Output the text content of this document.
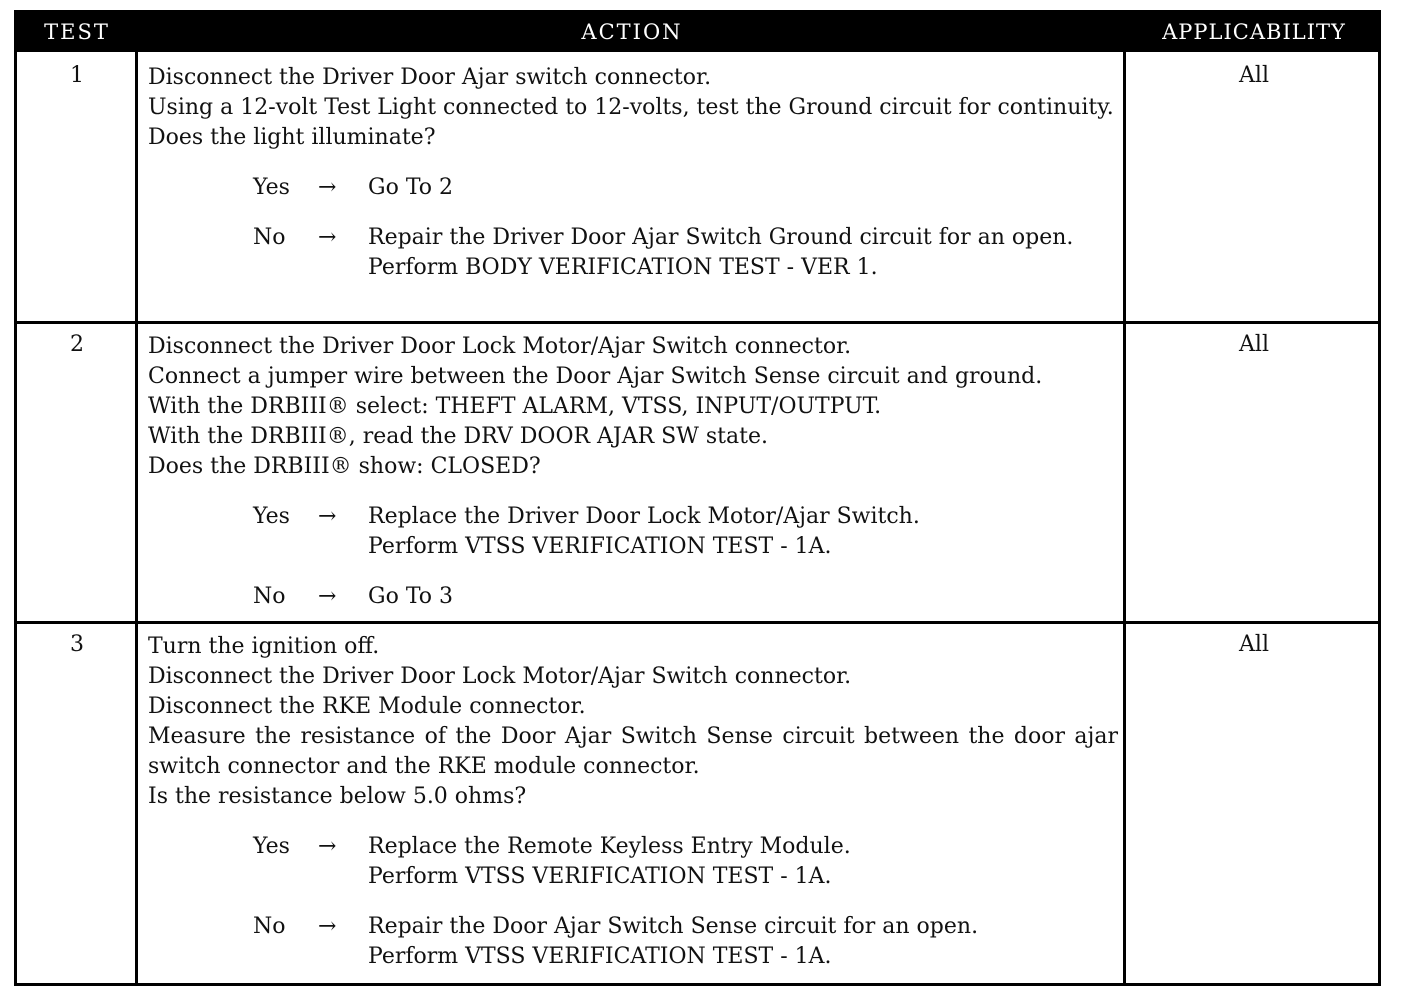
TEST	ACTION	APPLICABILITY
1	Disconnect the Driver Door Ajar switch connector.

Using a 12-volt Test Light connected to 12-volts, test the Ground circuit for continuity.

Does the light illuminate?

Yes → Go To 2
No → Repair the Driver Door Ajar Switch Ground circuit for an open.
Perform BODY VERIFICATION TEST - VER 1.
All
2	Disconnect the Driver Door Lock Motor/Ajar Switch connector.

Connect a jumper wire between the Door Ajar Switch Sense circuit and ground.

With the DRBIII® select: THEFT ALARM, VTSS, INPUT/OUTPUT.

With the DRBIII®, read the DRV DOOR AJAR SW state.

Does the DRBIII® show: CLOSED?

Yes → Replace the Driver Door Lock Motor/Ajar Switch.
Perform VTSS VERIFICATION TEST - 1A.
No → Go To 3
All
3	Turn the ignition off.

Disconnect the Driver Door Lock Motor/Ajar Switch connector.

Disconnect the RKE Module connector.

Measure the resistance of the Door Ajar Switch Sense circuit between the door ajar switch connector and the RKE module connector.

Is the resistance below 5.0 ohms?

Yes → Replace the Remote Keyless Entry Module.
Perform VTSS VERIFICATION TEST - 1A.
No → Repair the Door Ajar Switch Sense circuit for an open.
Perform VTSS VERIFICATION TEST - 1A.
All
